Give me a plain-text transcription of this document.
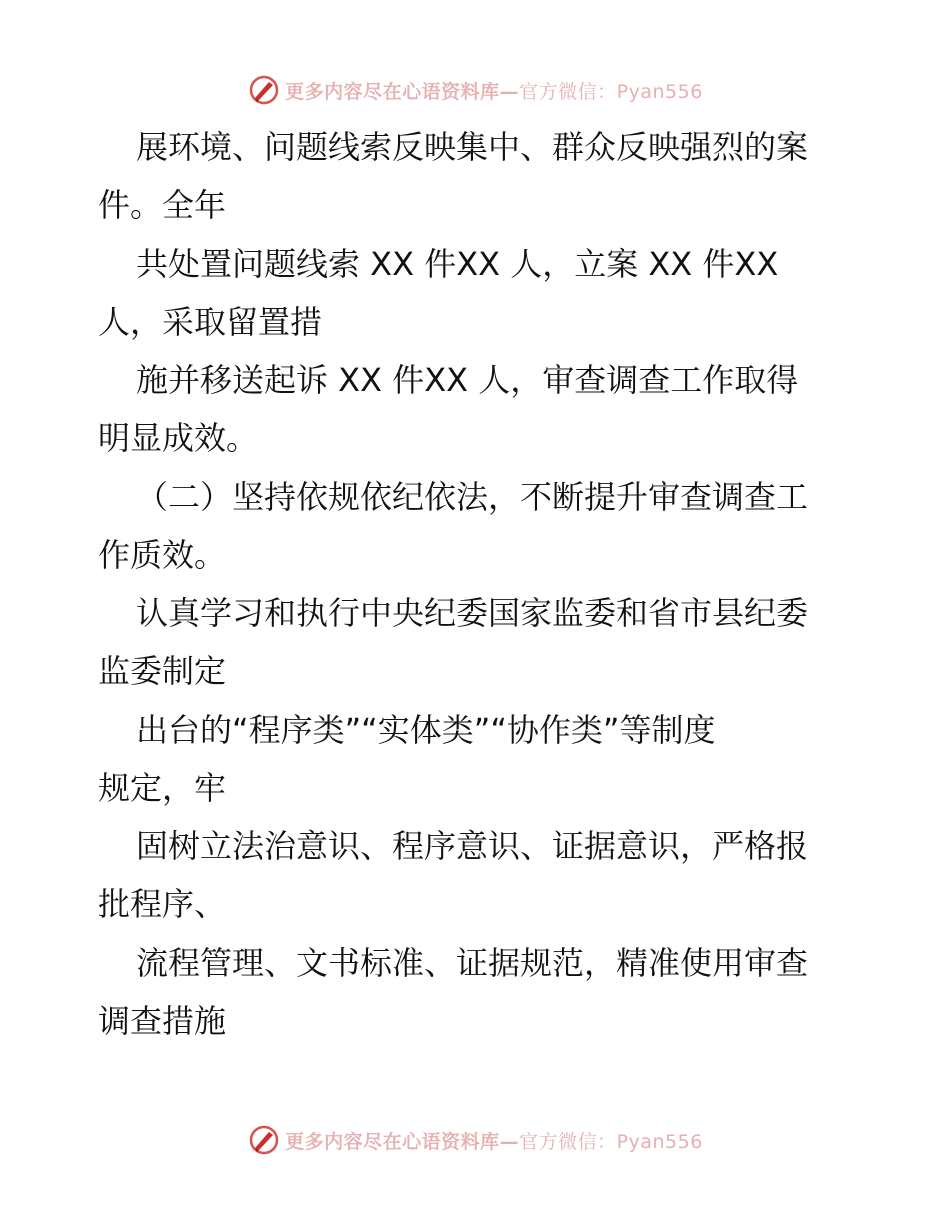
更多内容尽在心语资料库—官方微信：Pyan556
展环境、问题线索反映集中、群众反映强烈的案
件。全年
共处置问题线索 XX 件XX 人，立案 XX 件XX
人，采取留置措
施并移送起诉 XX 件XX 人，审查调查工作取得
明显成效。
（二）坚持依规依纪依法，不断提升审查调查工
作质效。
认真学习和执行中央纪委国家监委和省市县纪委
监委制定
出台的“程序类”“实体类”“协作类”等制度
规定，牢
固树立法治意识、程序意识、证据意识，严格报
批程序、
流程管理、文书标准、证据规范，精准使用审查
调查措施
更多内容尽在心语资料库—官方微信：Pyan556
